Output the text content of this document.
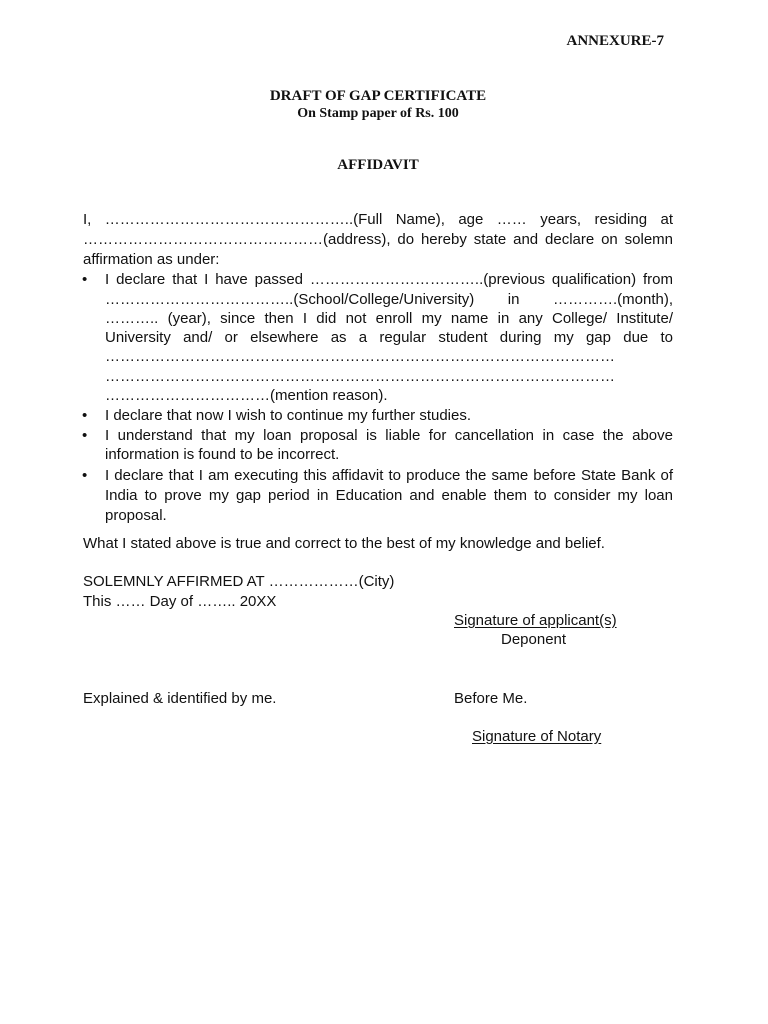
ANNEXURE-7
DRAFT OF GAP CERTIFICATE
On Stamp paper of Rs. 100
AFFIDAVIT
I, …………………………………………..(Full Name), age …… years, residing at
…………………………………………(address), do hereby state and declare on solemn
affirmation as under:
• I declare that I have passed ……………………………..(previous qualification) from
………………………………..(School/College/University) in ………….(month),
……….. (year), since then I did not enroll my name in any College/ Institute/
University and/ or elsewhere as a regular student during my gap due to
…………………………………………………………………………………………
…………………………………………………………………………………………
……………………………(mention reason).
• I declare that now I wish to continue my further studies.
• I understand that my loan proposal is liable for cancellation in case the above
information is found to be incorrect.
• I declare that I am executing this affidavit to produce the same before State Bank of
India to prove my gap period in Education and enable them to consider my loan
proposal.
What I stated above is true and correct to the best of my knowledge and belief.
SOLEMNLY AFFIRMED AT ………………(City)
This …… Day of …….. 20XX
Signature of applicant(s)
Deponent
Explained & identified by me.	Before Me.
Signature of Notary
